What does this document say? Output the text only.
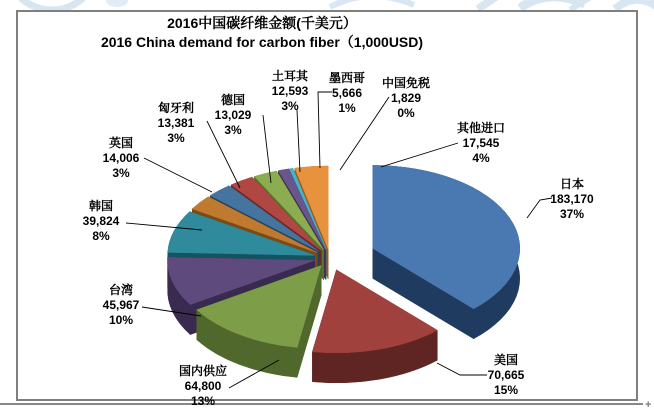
2016中国碳纤维金额(千美元）
2016 China demand for carbon fiber（1,000USD)
日本
183,170
37%
美国
70,665
15%
国内供应
64,800
13%
台湾
45,967
10%
韩国
39,824
8%
英国
14,006
3%
匈牙利
13,381
3%
德国
13,029
3%
土耳其
12,593
3%
墨西哥
5,666
1%
中国免税
1,829
0%
其他进口
17,545
4%
+
